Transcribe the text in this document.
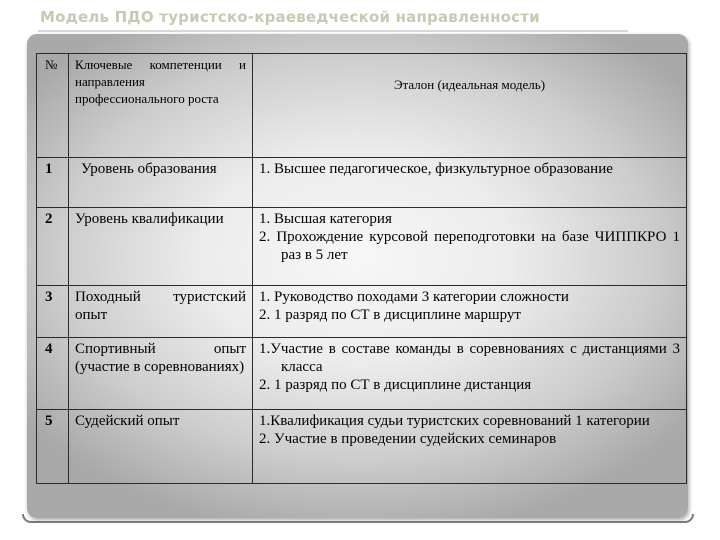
Модель ПДО туристско-краеведческой направленности
№	Ключевые компетенции и направления профессионального роста	Эталон (идеальная модель)
1	Уровень образования	1. Высшее педагогическое, физкультурное образование

2	Уровень квалификации	1. Высшая категория
2. Прохождение курсовой переподготовки на базе ЧИППКРО 1 раз в 5 лет

3	Походный туристский опыт	1. Руководство походами 3 категории сложности
2. 1 разряд по СТ в дисциплине маршрут

4	Спортивный опыт (участие в соревнованиях)	1.Участие в составе команды в соревнованиях с дистанциями 3 класса
2. 1 разряд по СТ в дисциплине дистанция

5	Судейский опыт	1.Квалификация судьи туристских соревнований 1 категории
2. Участие в проведении судейских семинаров
